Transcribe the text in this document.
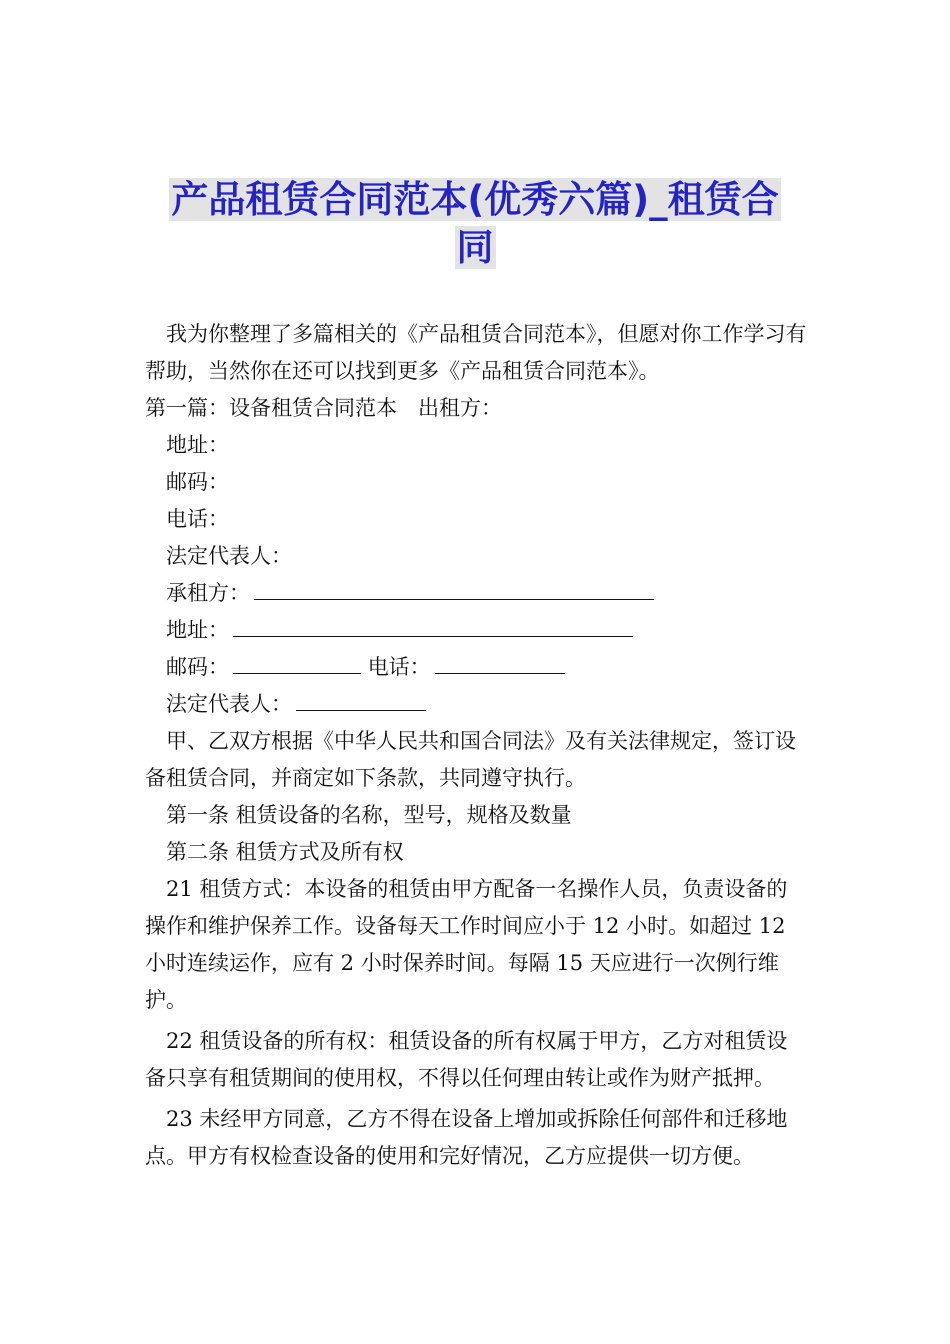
产品租赁合同范本(优秀六篇)_租赁合
同

我为你整理了多篇相关的《产品租赁合同范本》，但愿对你工作学习有帮助，当然你在还可以找到更多《产品租赁合同范本》。

第一篇：设备租赁合同范本　出租方：

地址：

邮码：

电话：

法定代表人：

承租方：

地址：

邮码：	电话：

法定代表人：

甲、乙双方根据《中华人民共和国合同法》及有关法律规定，签订设备租赁合同，并商定如下条款，共同遵守执行。

第一条 租赁设备的名称，型号，规格及数量

第二条 租赁方式及所有权

21 租赁方式：本设备的租赁由甲方配备一名操作人员，负责设备的操作和维护保养工作。设备每天工作时间应小于 12 小时。如超过 12 小时连续运作，应有 2 小时保养时间。每隔 15 天应进行一次例行维护。

22 租赁设备的所有权：租赁设备的所有权属于甲方，乙方对租赁设备只享有租赁期间的使用权，不得以任何理由转让或作为财产抵押。

23 未经甲方同意，乙方不得在设备上增加或拆除任何部件和迁移地点。甲方有权检查设备的使用和完好情况，乙方应提供一切方便。
